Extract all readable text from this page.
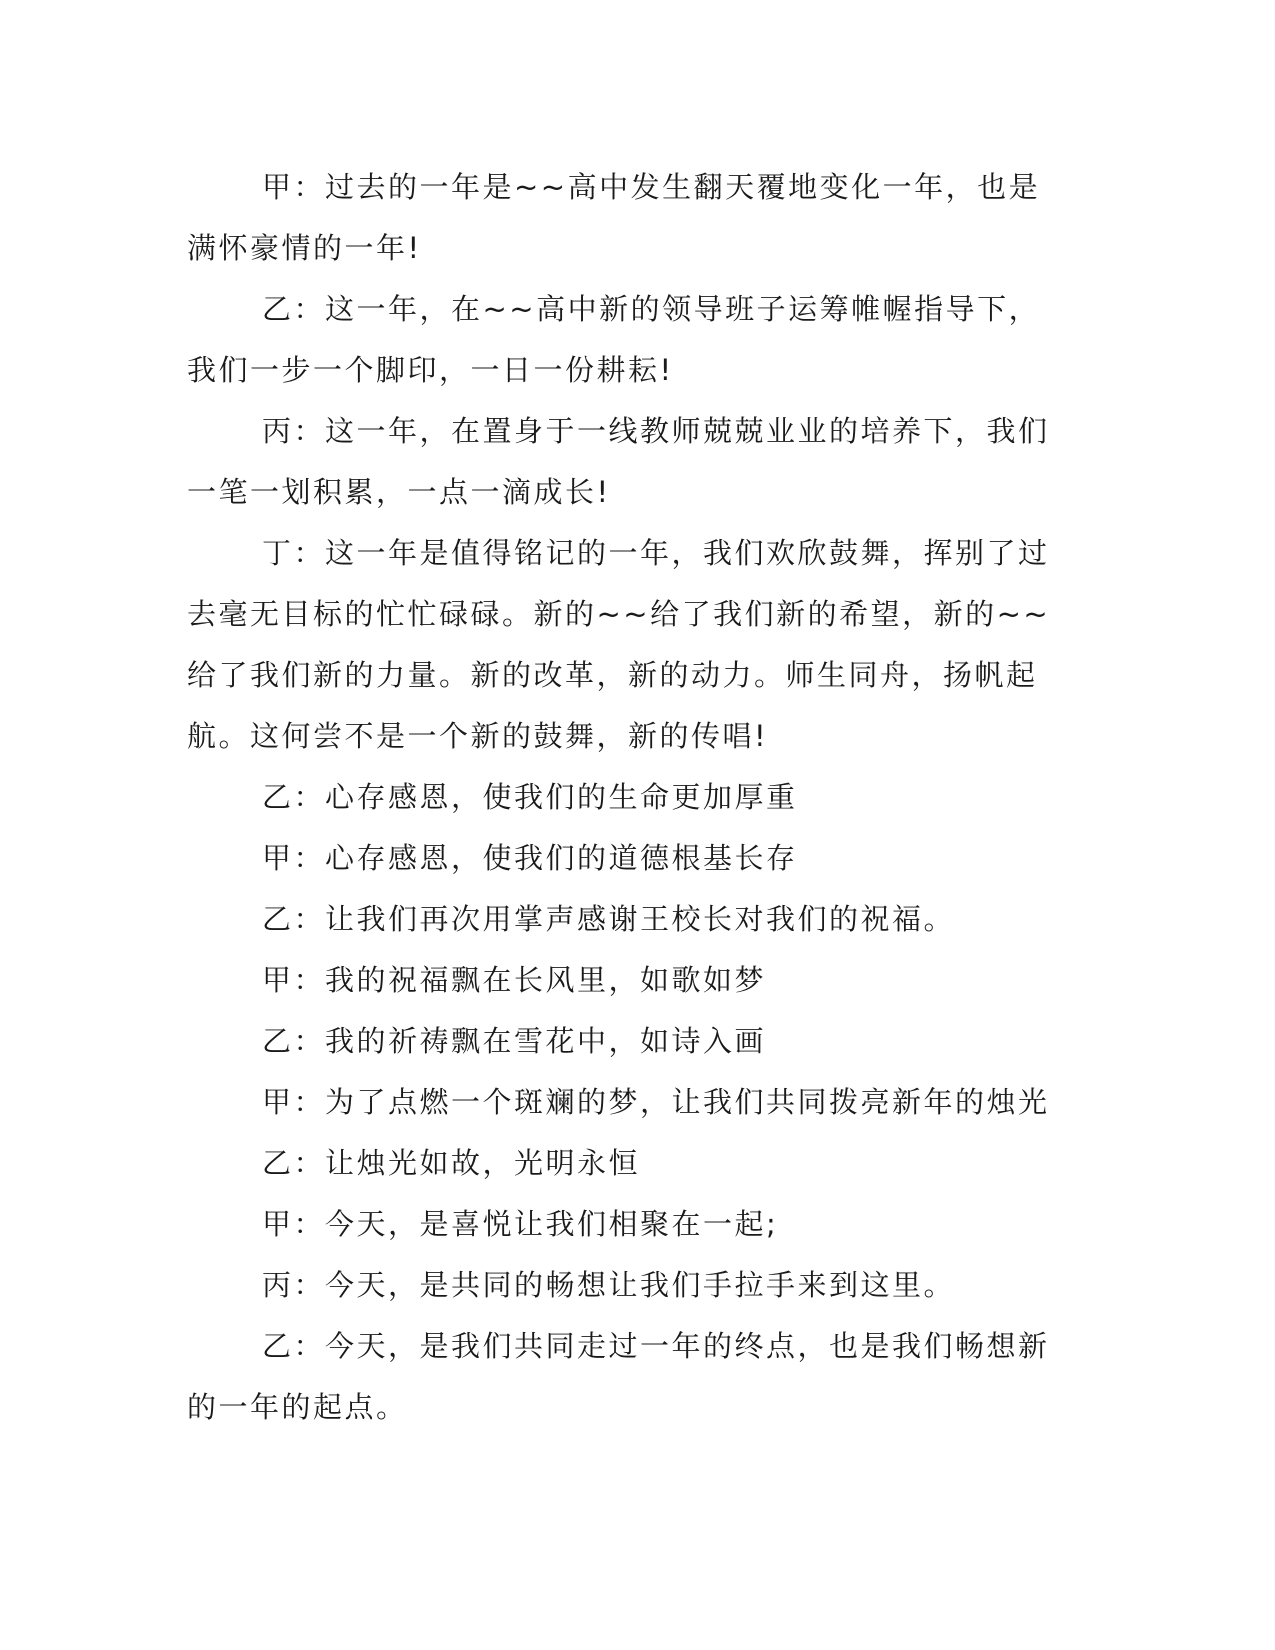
甲：过去的一年是~~高中发生翻天覆地变化一年，也是满怀豪情的一年!

乙：这一年，在~~高中新的领导班子运筹帷幄指导下，我们一步一个脚印，一日一份耕耘!

丙：这一年，在置身于一线教师兢兢业业的培养下，我们一笔一划积累，一点一滴成长!

丁：这一年是值得铭记的一年，我们欢欣鼓舞，挥别了过去毫无目标的忙忙碌碌。新的~~给了我们新的希望，新的~~给了我们新的力量。新的改革，新的动力。师生同舟，扬帆起航。这何尝不是一个新的鼓舞，新的传唱!

乙：心存感恩，使我们的生命更加厚重

甲：心存感恩，使我们的道德根基长存

乙：让我们再次用掌声感谢王校长对我们的祝福。

甲：我的祝福飘在长风里，如歌如梦

乙：我的祈祷飘在雪花中，如诗入画

甲：为了点燃一个斑斓的梦，让我们共同拨亮新年的烛光

乙：让烛光如故，光明永恒

甲：今天，是喜悦让我们相聚在一起;

丙：今天，是共同的畅想让我们手拉手来到这里。

乙：今天，是我们共同走过一年的终点，也是我们畅想新的一年的起点。
